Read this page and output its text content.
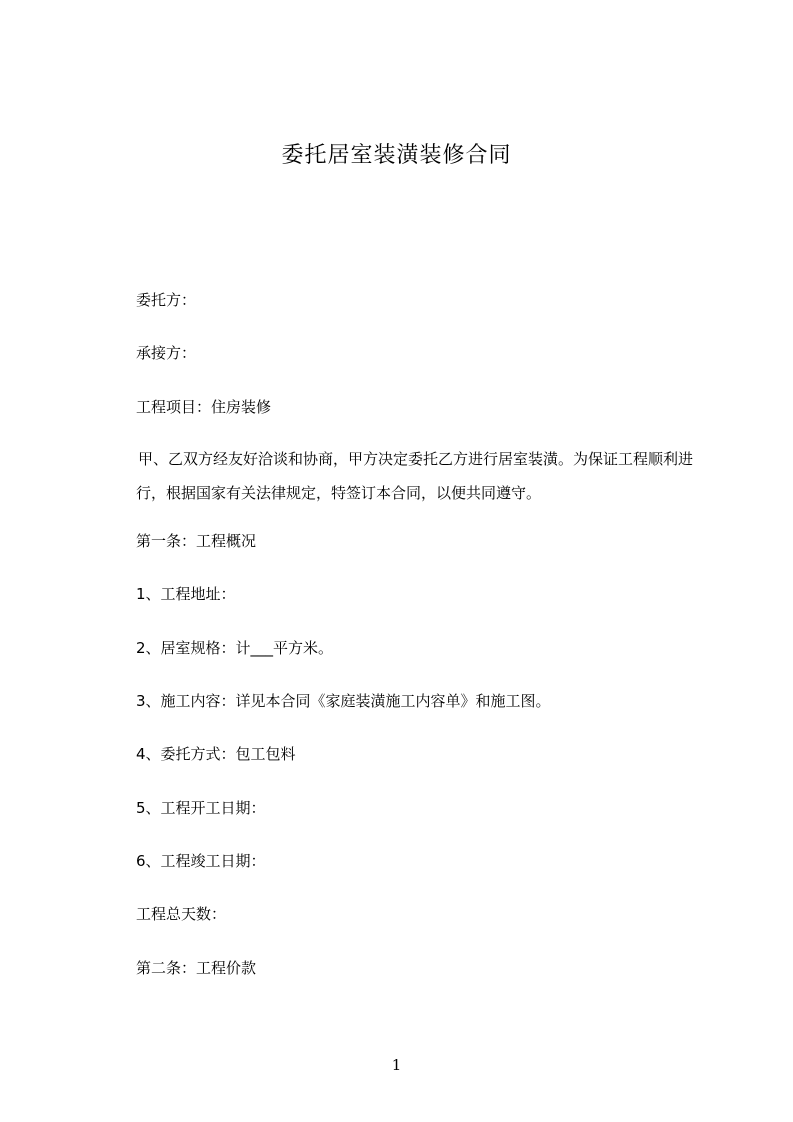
委托居室装潢装修合同
委托方：
承接方：
工程项目：住房装修
甲、乙双方经友好洽谈和协商，甲方决定委托乙方进行居室装潢。为保证工程顺利进行，根据国家有关法律规定，特签订本合同，以便共同遵守。
第一条：工程概况
1、工程地址：
2、居室规格：计___平方米。
3、施工内容：详见本合同《家庭装潢施工内容单》和施工图。
4、委托方式：包工包料
5、工程开工日期：
6、工程竣工日期：
工程总天数：
第二条：工程价款
1
